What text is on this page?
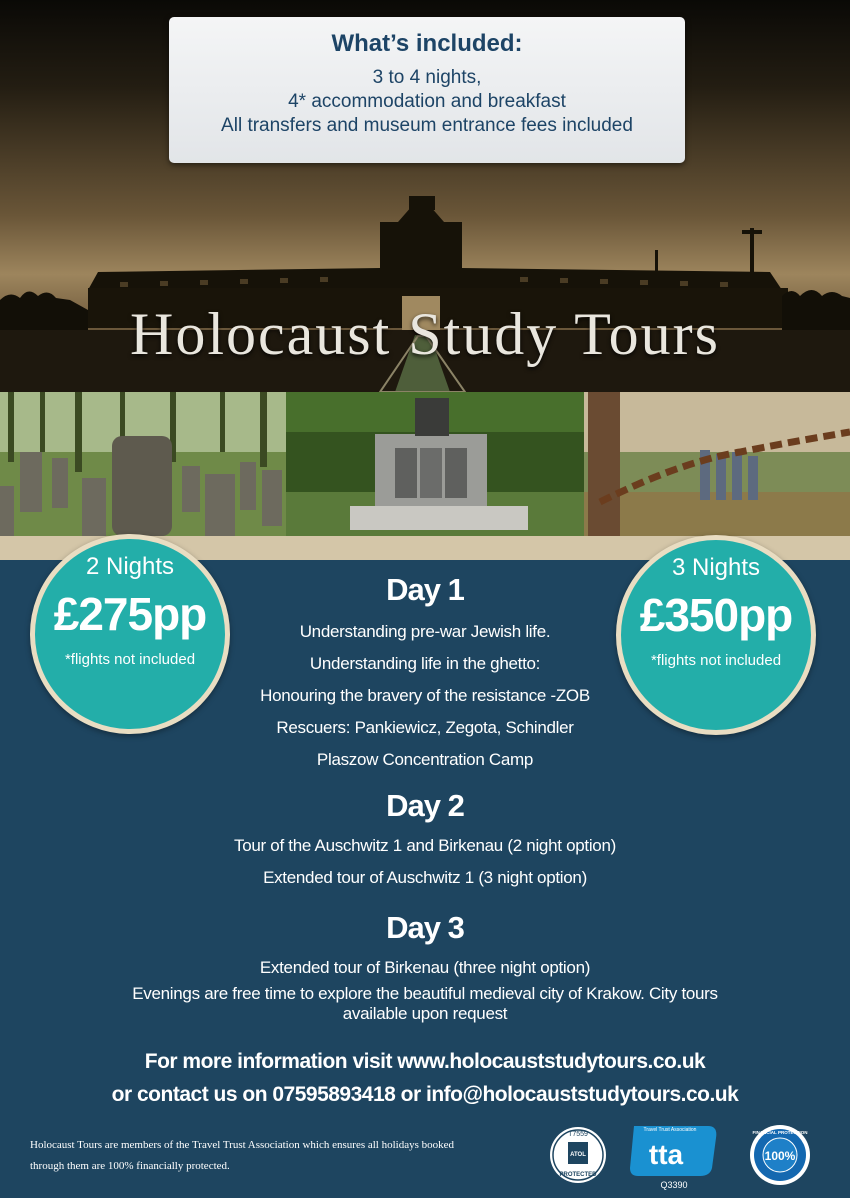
What’s included:
3 to 4 nights,
4* accommodation and breakfast
All transfers and museum entrance fees included
Holocaust Study Tours
2 Nights
£275pp
*flights not included
3 Nights
£350pp
*flights not included
Day 1
Understanding pre-war Jewish life.
Understanding life in the ghetto:
Honouring the bravery of the resistance -ZOB
Rescuers: Pankiewicz, Zegota, Schindler
Plaszow Concentration Camp
Day 2
Tour of the Auschwitz 1 and Birkenau (2 night option)
Extended tour of Auschwitz 1 (3 night option)
Day 3
Extended tour of Birkenau (three night option)
Evenings are free time to explore the beautiful medieval city of Krakow. City tours
available upon request
For more information visit www.holocauststudytours.co.uk
or contact us on 07595893418 or info@holocauststudytours.co.uk
Holocaust Tours are members of the Travel Trust Association which ensures all holidays booked through them are 100% financially protected.
T7559
ATOL
PROTECTED
Travel Trust Association
tta
Q3390
100%
FINANCIAL PROTECTION
